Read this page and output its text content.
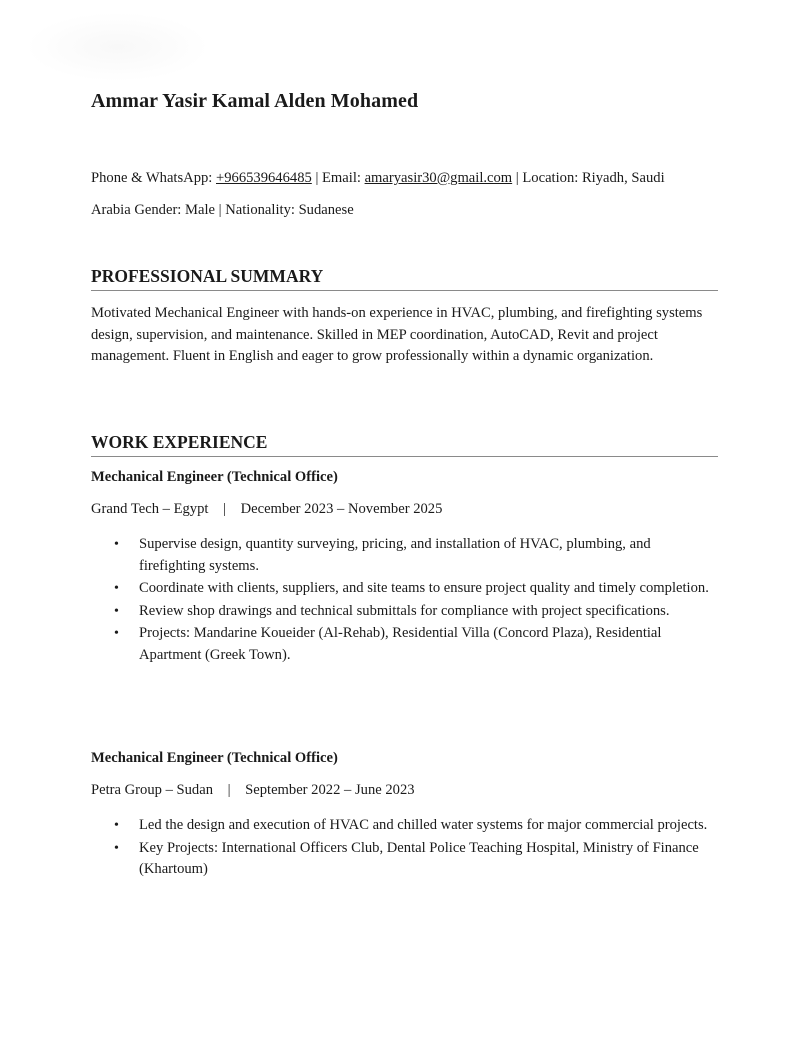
Ammar Yasir Kamal Alden Mohamed
Phone & WhatsApp: +966539646485 | Email: amaryasir30@gmail.com | Location: Riyadh, Saudi
Arabia Gender: Male | Nationality: Sudanese
PROFESSIONAL SUMMARY
Motivated Mechanical Engineer with hands-on experience in HVAC, plumbing, and firefighting systems design, supervision, and maintenance. Skilled in MEP coordination, AutoCAD, Revit and project management. Fluent in English and eager to grow professionally within a dynamic organization.
WORK EXPERIENCE
Mechanical Engineer (Technical Office)
Grand Tech – Egypt | December 2023 – November 2025
• Supervise design, quantity surveying, pricing, and installation of HVAC, plumbing, and firefighting systems.
• Coordinate with clients, suppliers, and site teams to ensure project quality and timely completion.
• Review shop drawings and technical submittals for compliance with project specifications.
• Projects: Mandarine Koueider (Al-Rehab), Residential Villa (Concord Plaza), Residential Apartment (Greek Town).
Mechanical Engineer (Technical Office)
Petra Group – Sudan | September 2022 – June 2023
• Led the design and execution of HVAC and chilled water systems for major commercial projects.
• Key Projects: International Officers Club, Dental Police Teaching Hospital, Ministry of Finance (Khartoum)
